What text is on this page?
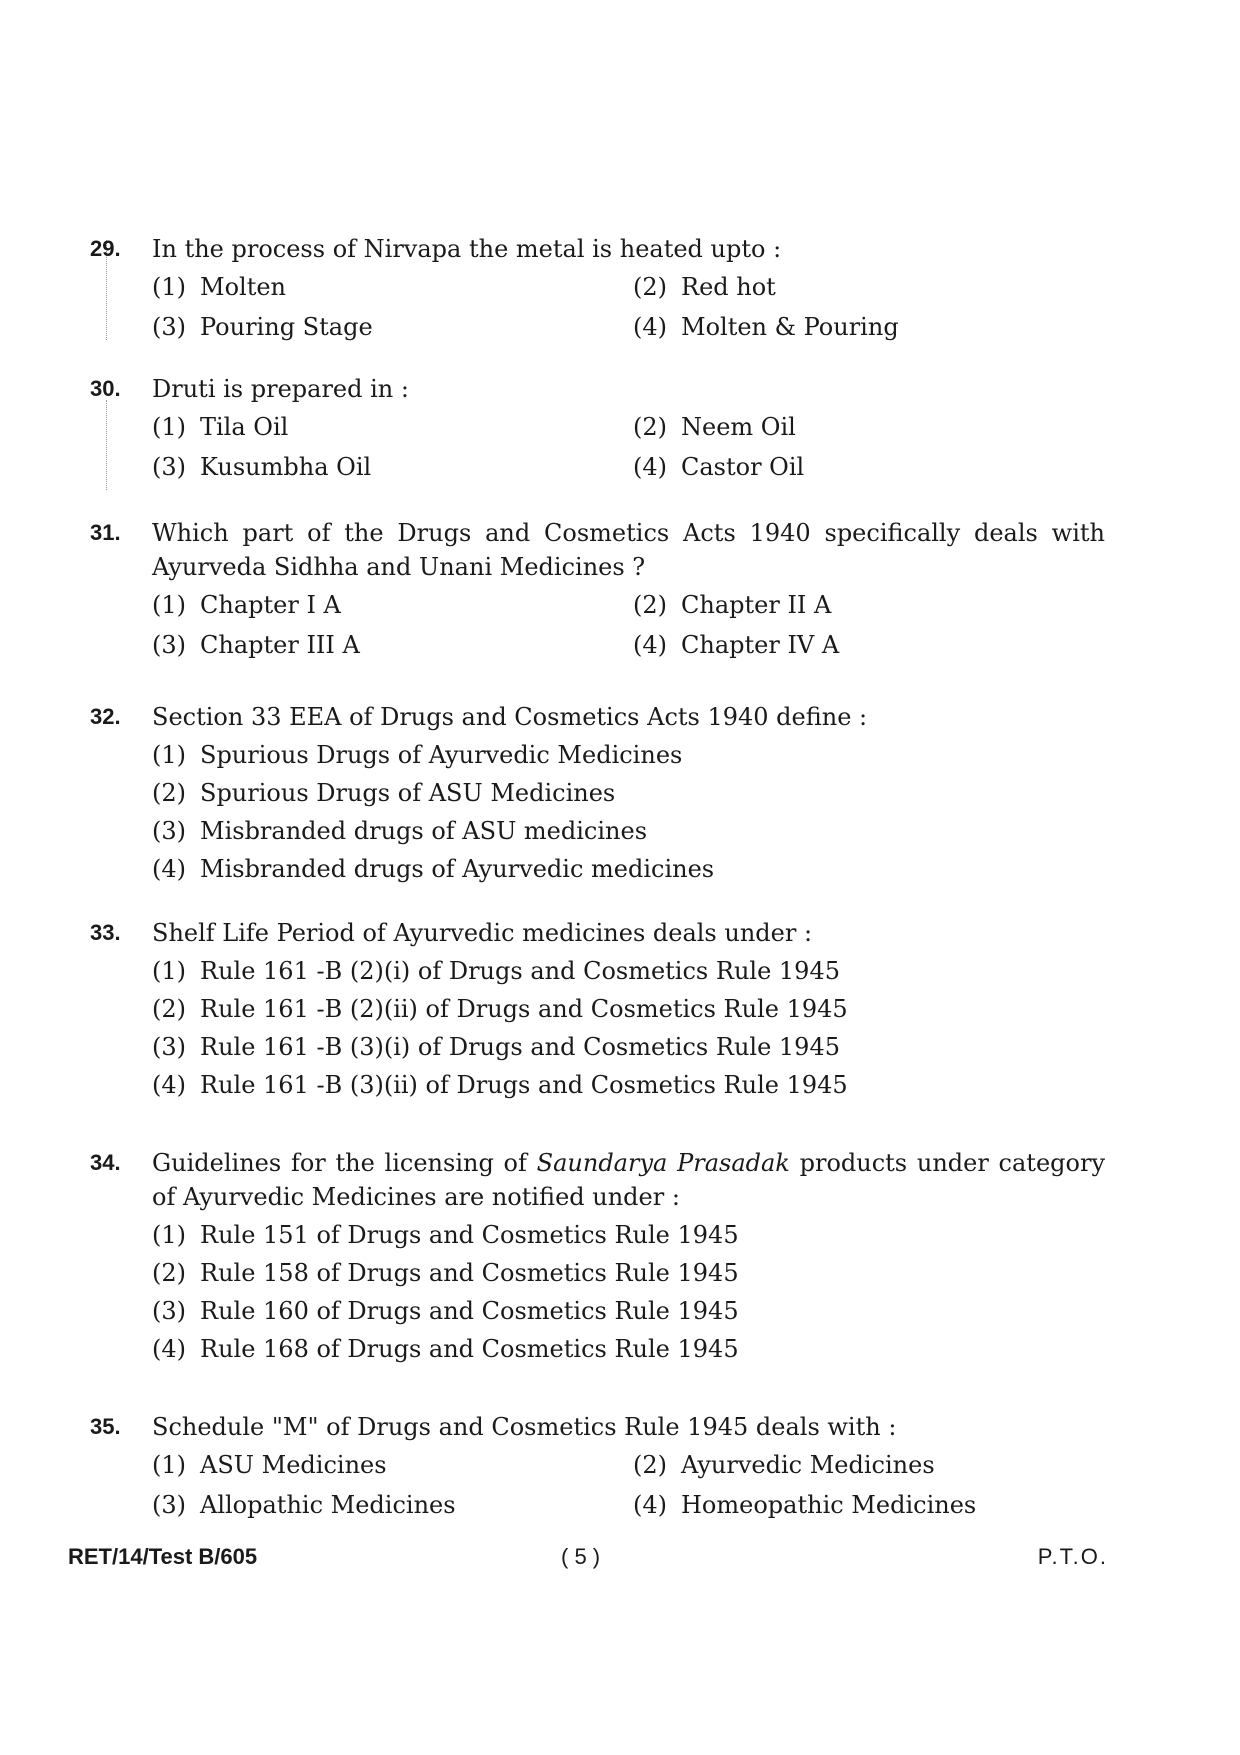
29. In the process of Nirvapa the metal is heated upto :
(1) Molten	(2) Red hot
(3) Pouring Stage	(4) Molten & Pouring
30. Druti is prepared in :
(1) Tila Oil	(2) Neem Oil
(3) Kusumbha Oil	(4) Castor Oil
31. Which part of the Drugs and Cosmetics Acts 1940 specifically deals with Ayurveda Sidhha and Unani Medicines ?
(1) Chapter I A	(2) Chapter II A
(3) Chapter III A	(4) Chapter IV A
32. Section 33 EEA of Drugs and Cosmetics Acts 1940 define :
(1) Spurious Drugs of Ayurvedic Medicines
(2) Spurious Drugs of ASU Medicines
(3) Misbranded drugs of ASU medicines
(4) Misbranded drugs of Ayurvedic medicines
33. Shelf Life Period of Ayurvedic medicines deals under :
(1) Rule 161 -B (2)(i) of Drugs and Cosmetics Rule 1945
(2) Rule 161 -B (2)(ii) of Drugs and Cosmetics Rule 1945
(3) Rule 161 -B (3)(i) of Drugs and Cosmetics Rule 1945
(4) Rule 161 -B (3)(ii) of Drugs and Cosmetics Rule 1945
34. Guidelines for the licensing of Saundarya Prasadak products under category of Ayurvedic Medicines are notified under :
(1) Rule 151 of Drugs and Cosmetics Rule 1945
(2) Rule 158 of Drugs and Cosmetics Rule 1945
(3) Rule 160 of Drugs and Cosmetics Rule 1945
(4) Rule 168 of Drugs and Cosmetics Rule 1945
35. Schedule "M" of Drugs and Cosmetics Rule 1945 deals with :
(1) ASU Medicines	(2) Ayurvedic Medicines
(3) Allopathic Medicines	(4) Homeopathic Medicines
RET/14/Test B/605	( 5 )	P.T.O.
